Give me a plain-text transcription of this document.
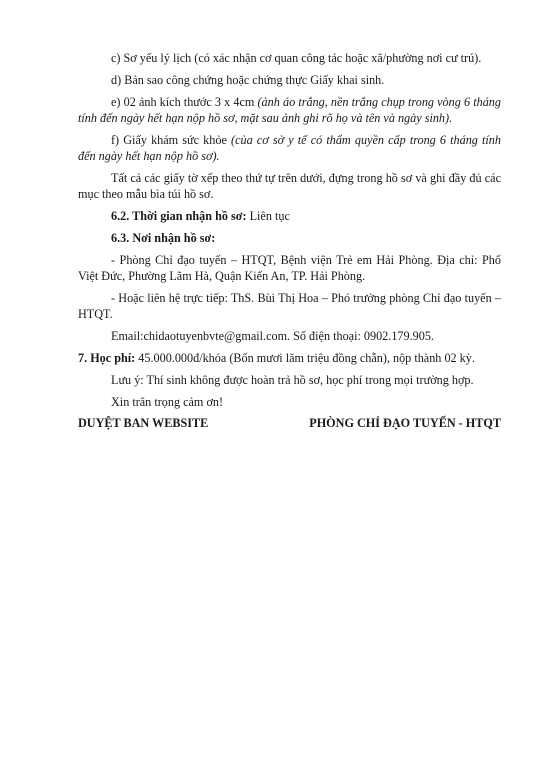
c) Sơ yếu lý lịch (có xác nhận cơ quan công tác hoặc xã/phường nơi cư trú).

d) Bản sao công chứng hoặc chứng thực Giấy khai sinh.

e) 02 ảnh kích thước 3 x 4cm (ảnh áo trắng, nền trắng chụp trong vòng 6 tháng tính đến ngày hết hạn nộp hồ sơ, mặt sau ảnh ghi rõ họ và tên và ngày sinh).

f) Giấy khám sức khỏe (của cơ sở y tế có thẩm quyền cấp trong 6 tháng tính đến ngày hết hạn nộp hồ sơ).

Tất cả các giấy tờ xếp theo thứ tự trên dưới, đựng trong hồ sơ và ghi đầy đủ các mục theo mẫu bìa túi hồ sơ.

6.2. Thời gian nhận hồ sơ: Liên tục

6.3. Nơi nhận hồ sơ:

- Phòng Chỉ đạo tuyến – HTQT, Bệnh viện Trẻ em Hải Phòng. Địa chỉ: Phố Việt Đức, Phường Lãm Hà, Quận Kiến An, TP. Hải Phòng.

- Hoặc liên hệ trực tiếp: ThS. Bùi Thị Hoa – Phó trưởng phòng Chỉ đạo tuyến – HTQT.

Email:chidaotuyenbvte@gmail.com. Số điện thoại: 0902.179.905.

7. Học phí: 45.000.000đ/khóa (Bốn mươi lăm triệu đồng chẵn), nộp thành 02 kỳ.

Lưu ý: Thí sinh không được hoàn trả hồ sơ, học phí trong mọi trường hợp.

Xin trân trọng cảm ơn!

DUYỆT BAN WEBSITE	PHÒNG CHỈ ĐẠO TUYẾN - HTQT
